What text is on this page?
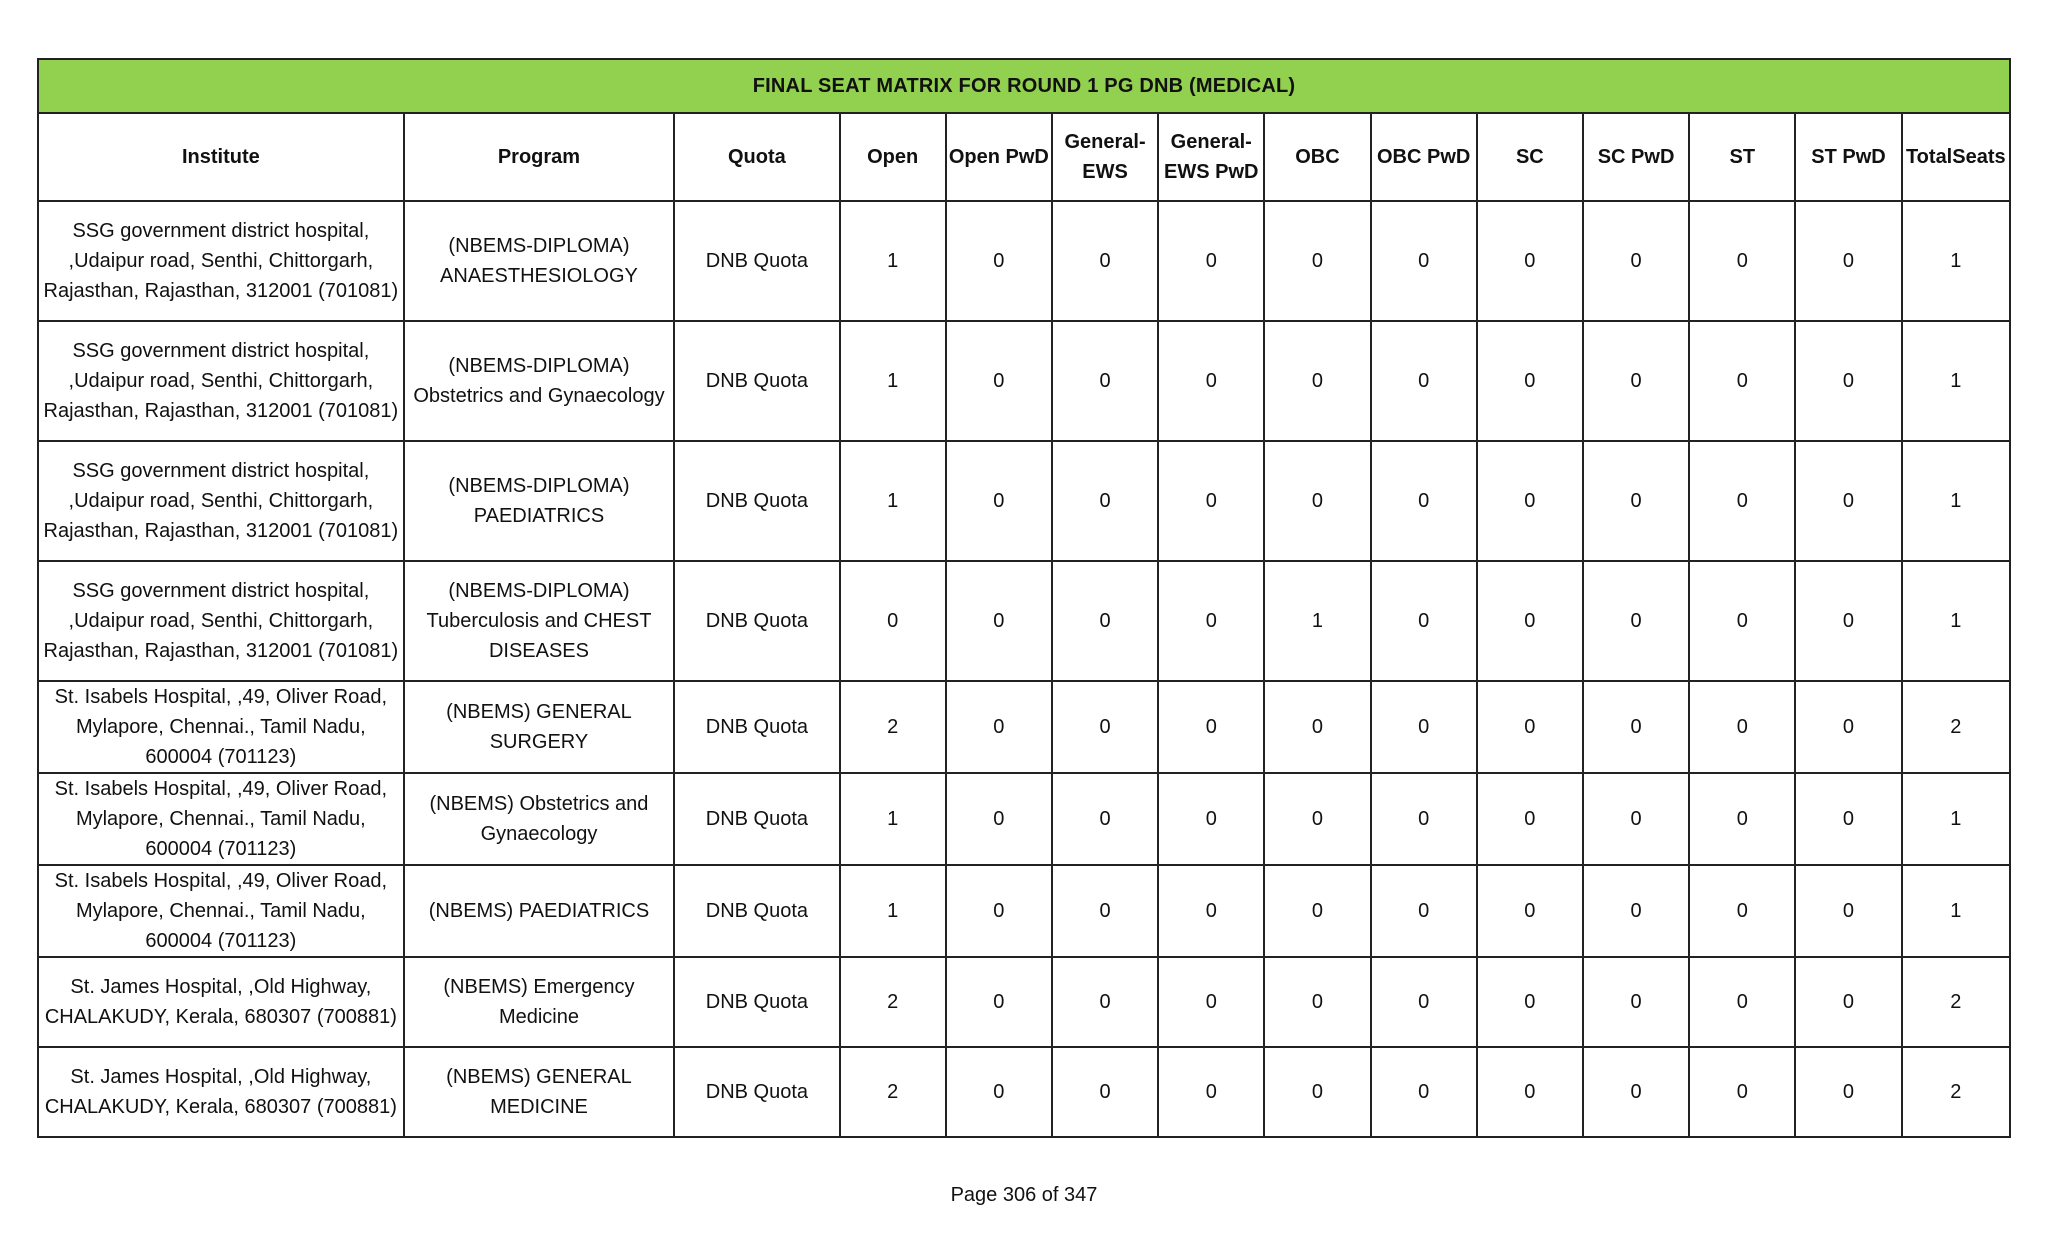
FINAL SEAT MATRIX FOR ROUND 1 PG DNB (MEDICAL)													
Institute	Program	Quota	Open	Open PwD	General-EWS	General-EWS PwD	OBC	OBC PwD	SC	SC PwD	ST	ST PwD	TotalSeats
SSG government district hospital, ,Udaipur road, Senthi, Chittorgarh, Rajasthan, Rajasthan, 312001 (701081)	(NBEMS-DIPLOMA) ANAESTHESIOLOGY	DNB Quota	1	0	0	0	0	0	0	0	0	0	1
SSG government district hospital, ,Udaipur road, Senthi, Chittorgarh, Rajasthan, Rajasthan, 312001 (701081)	(NBEMS-DIPLOMA) Obstetrics and Gynaecology	DNB Quota	1	0	0	0	0	0	0	0	0	0	1
SSG government district hospital, ,Udaipur road, Senthi, Chittorgarh, Rajasthan, Rajasthan, 312001 (701081)	(NBEMS-DIPLOMA) PAEDIATRICS	DNB Quota	1	0	0	0	0	0	0	0	0	0	1
SSG government district hospital, ,Udaipur road, Senthi, Chittorgarh, Rajasthan, Rajasthan, 312001 (701081)	(NBEMS-DIPLOMA) Tuberculosis and CHEST DISEASES	DNB Quota	0	0	0	0	1	0	0	0	0	0	1
St. Isabels Hospital, ,49, Oliver Road, Mylapore, Chennai., Tamil Nadu, 600004 (701123)	(NBEMS) GENERAL SURGERY	DNB Quota	2	0	0	0	0	0	0	0	0	0	2
St. Isabels Hospital, ,49, Oliver Road, Mylapore, Chennai., Tamil Nadu, 600004 (701123)	(NBEMS) Obstetrics and Gynaecology	DNB Quota	1	0	0	0	0	0	0	0	0	0	1
St. Isabels Hospital, ,49, Oliver Road, Mylapore, Chennai., Tamil Nadu, 600004 (701123)	(NBEMS) PAEDIATRICS	DNB Quota	1	0	0	0	0	0	0	0	0	0	1
St. James Hospital, ,Old Highway, CHALAKUDY, Kerala, 680307 (700881)	(NBEMS) Emergency Medicine	DNB Quota	2	0	0	0	0	0	0	0	0	0	2
St. James Hospital, ,Old Highway, CHALAKUDY, Kerala, 680307 (700881)	(NBEMS) GENERAL MEDICINE	DNB Quota	2	0	0	0	0	0	0	0	0	0	2
Page 306 of 347
